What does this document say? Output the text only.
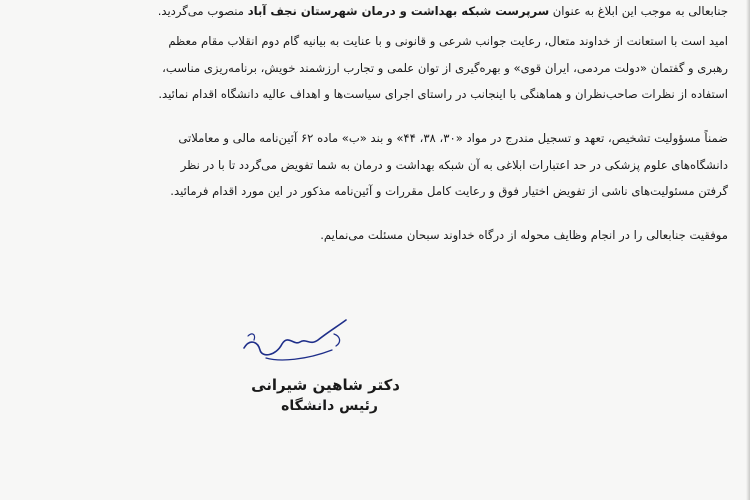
جنابعالی به موجب این ابلاغ به عنوان سرپرست شبکه بهداشت و درمان شهرستان نجف آباد منصوب می‌گردید.

امید است با استعانت از خداوند متعال، رعایت جوانب شرعی و قانونی و با عنایت به بیانیه گام دوم انقلاب مقام معظم
رهبری و گفتمان «دولت مردمی، ایران قوی» و بهره‌گیری از توان علمی و تجارب ارزشمند خویش، برنامه‌ریزی مناسب،
استفاده از نظرات صاحب‌نظران و هماهنگی با اینجانب در راستای اجرای سیاست‌ها و اهداف عالیه دانشگاه اقدام نمائید.

ضمناً مسؤولیت تشخیص، تعهد و تسجیل مندرج در مواد «۳۰، ۳۸، ۴۴» و بند «ب» ماده ۶۲ آئین‌نامه مالی و معاملاتی
دانشگاه‌های علوم پزشکی در حد اعتبارات ابلاغی به آن شبکه بهداشت و درمان به شما تفویض می‌گردد تا با در نظر
گرفتن مسئولیت‌های ناشی از تفویض اختیار فوق و رعایت کامل مقررات و آئین‌نامه مذکور در این مورد اقدام فرمائید.

موفقیت جنابعالی را در انجام وظایف محوله از درگاه خداوند سبحان مسئلت می‌نمایم.

دکتر شاهین شیرانی
رئیس دانشگاه
